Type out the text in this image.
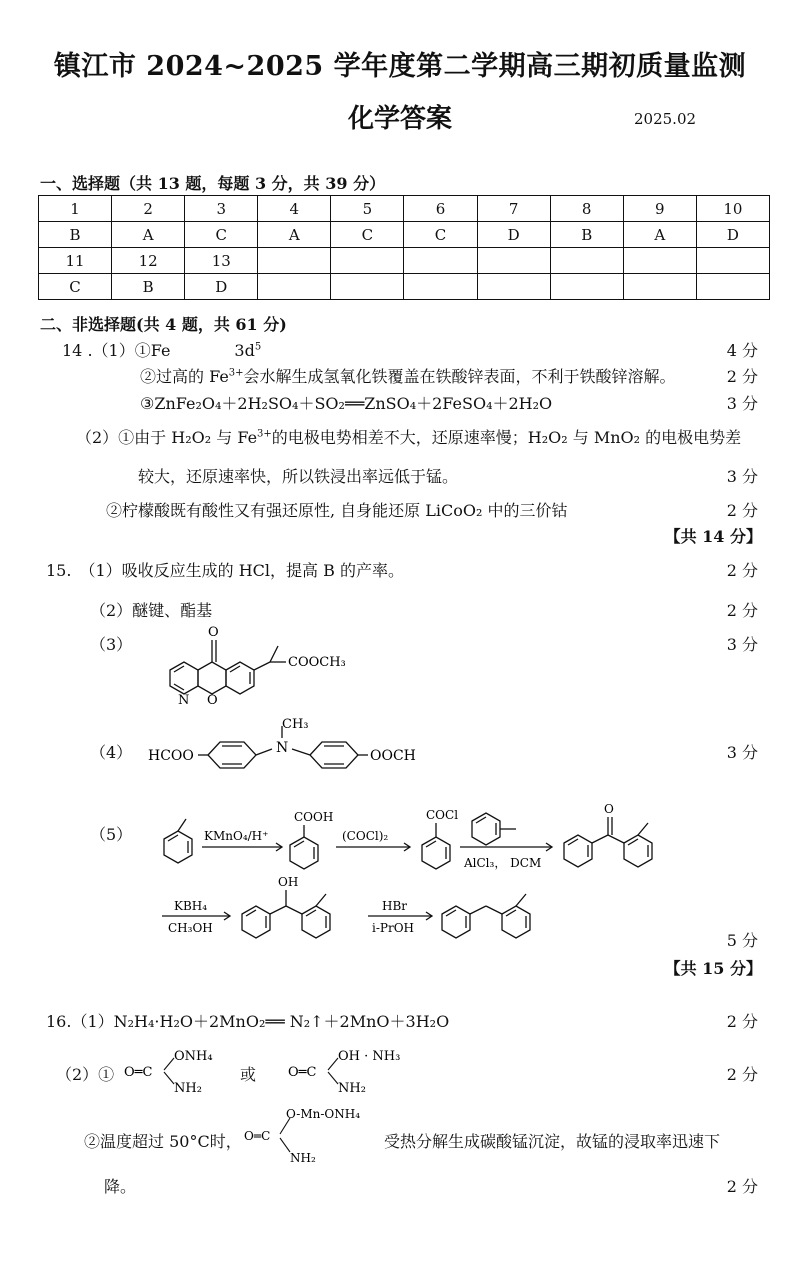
镇江市 2024~2025 学年度第二学期高三期初质量监测
化学答案	2025.02
一、选择题（共 13 题，每题 3 分，共 39 分）
1	2	3	4	5	6	7	8	9	10
B	A	C	A	C	C	D	B	A	D
11	12	13							
C	B	D							
二、非选择题(共 4 题，共 61 分)
14 .（1）①Fe	$3d^5$	4 分
②过高的 $Fe^{3+}$会水解生成氢氧化铁覆盖在铁酸锌表面，不利于铁酸锌溶解。	2 分
③ZnFe₂O₄＋2H₂SO₄＋SO₂══ZnSO₄＋2FeSO₄＋2H₂O	3 分
（2）①由于 H₂O₂ 与 $Fe^{3+}$的电极电势相差不大，还原速率慢；H₂O₂ 与 MnO₂ 的电极电势差
较大，还原速率快，所以铁浸出率远低于锰。	3 分
②柠檬酸既有酸性又有强还原性, 自身能还原 LiCoO₂ 中的三价钴	2 分
【共 14 分】
15.　（1）吸收反应生成的 HCl，提高 B 的产率。	2 分
（2）醚键、酯基	2 分
（3）	3 分
O
N O
COOCH₃
（4）	3 分
HCOO	N
CH₃
OOCH
（5）	KMnO₄/H⁺
COOH
(COCl)₂
COCl
AlCl₃， DCM
O
KBH₄
CH₃OH
OH
HBr
i-PrOH
5 分
【共 15 分】
16.（1）N₂H₄·H₂O＋2MnO₂══ N₂↑＋2MnO＋3H₂O	2 分
（2）①
ONH₄
O═C
NH₂
或
OH · NH₃
O═C
NH₂
2 分
②温度超过 50°C时，
O-Mn-ONH₄
O═C
NH₂
受热分解生成碳酸锰沉淀，故锰的浸取率迅速下
降。	2 分
